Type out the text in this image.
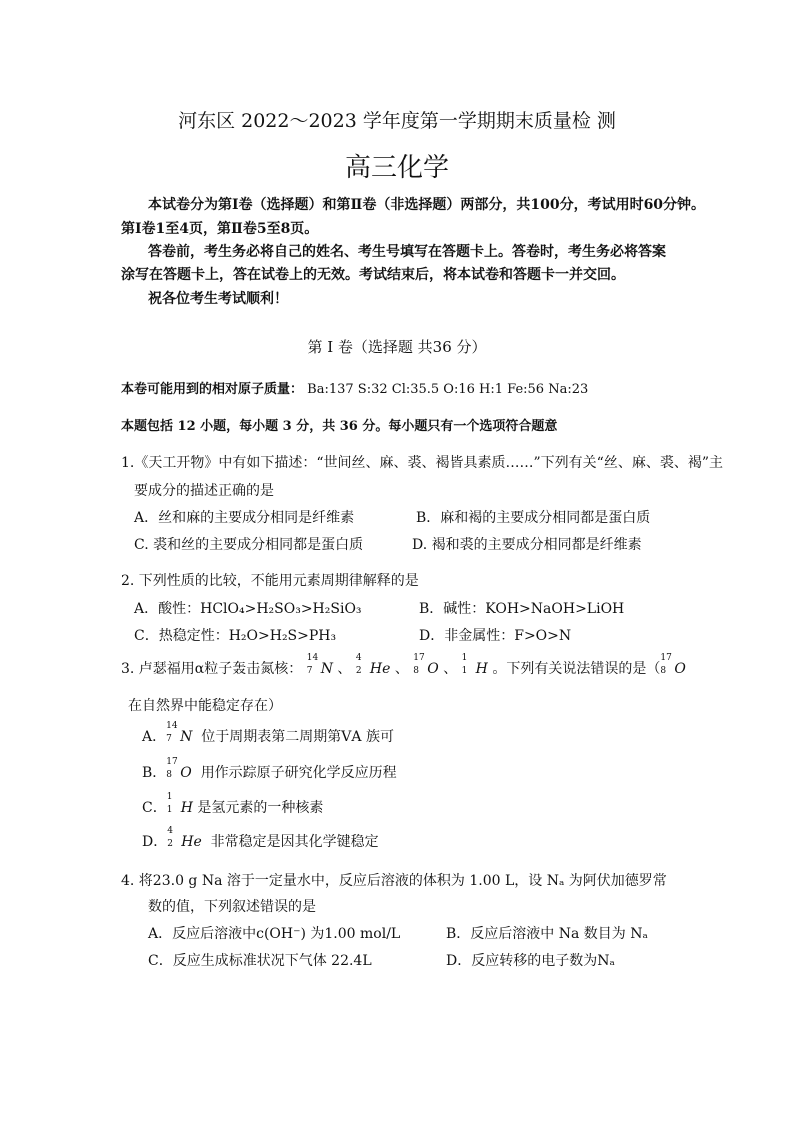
河东区 2022～2023 学年度第一学期期末质量检 测
高三化学
本试卷分为第Ⅰ卷（选择题）和第Ⅱ卷（非选择题）两部分，共100分，考试用时60分钟。
第Ⅰ卷1至4页，第Ⅱ卷5至8页。
答卷前，考生务必将自己的姓名、考生号填写在答题卡上。答卷时，考生务必将答案
涂写在答题卡上，答在试卷上的无效。考试结束后，将本试卷和答题卡一并交回。
祝各位考生考试顺利！
第 I 卷（选择题 共36 分）
本卷可能用到的相对原子质量： Ba:137 S:32 Cl:35.5 O:16 H:1 Fe:56 Na:23
本题包括 12 小题，每小题 3 分，共 36 分。每小题只有一个选项符合题意
1.《天工开物》中有如下描述：“世间丝、麻、裘、褐皆具素质……”下列有关“丝、麻、裘、褐”主
要成分的描述正确的是
A．丝和麻的主要成分相同是纤维素	B．麻和褐的主要成分相同都是蛋白质
C. 裘和丝的主要成分相同都是蛋白质	D. 褐和裘的主要成分相同都是纤维素
2. 下列性质的比较，不能用元素周期律解释的是
A．酸性：HClO₄>H₂SO₃>H₂SiO₃	B．碱性：KOH>NaOH>LiOH
C．热稳定性：H₂O>H₂S>PH₃	D．非金属性：F>O>N
3. 卢瑟福用α粒子轰击氮核：
14
7 N 、
4
2 He 、
17
8 O 、
1
1 H 。下列有关说法错误的是（
17
8 O
在自然界中能稳定存在）
A．
14
7 N 位于周期表第二周期第ⅤA 族可
B．
17
8 O 用作示踪原子研究化学反应历程
C．
1
1 H 是氢元素的一种核素
D．
4
2 He 非常稳定是因其化学键稳定
4. 将23.0 g Na 溶于一定量水中，反应后溶液的体积为 1.00 L，设 Nₐ 为阿伏加德罗常
数的值，下列叙述错误的是
A．反应后溶液中c(OH⁻) 为1.00 mol/L	B．反应后溶液中 Na 数目为 Nₐ
C．反应生成标准状况下气体 22.4L	D．反应转移的电子数为Nₐ
